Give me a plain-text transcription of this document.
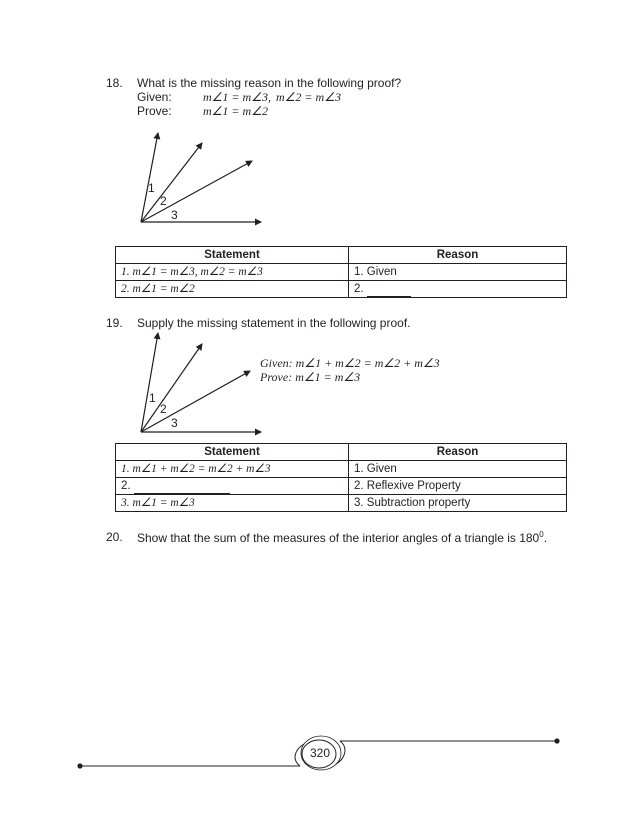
18. What is the missing reason in the following proof?
Given:	m∠1 = m∠3, m∠2 = m∠3
Prove:	m∠1 = m∠2
1
2
3
Statement	Reason
1. m∠1 = m∠3, m∠2 = m∠3	1. Given
2. m∠1 = m∠2	2.
19. Supply the missing statement in the following proof.
1
2
3
Given: m∠1 + m∠2 = m∠2 + m∠3
Prove: m∠1 = m∠3
Statement	Reason
1. m∠1 + m∠2 = m∠2 + m∠3	1. Given
2.	2. Reflexive Property
3. m∠1 = m∠3	3. Subtraction property
20. Show that the sum of the measures of the interior angles of a triangle is $180^0$.
320
